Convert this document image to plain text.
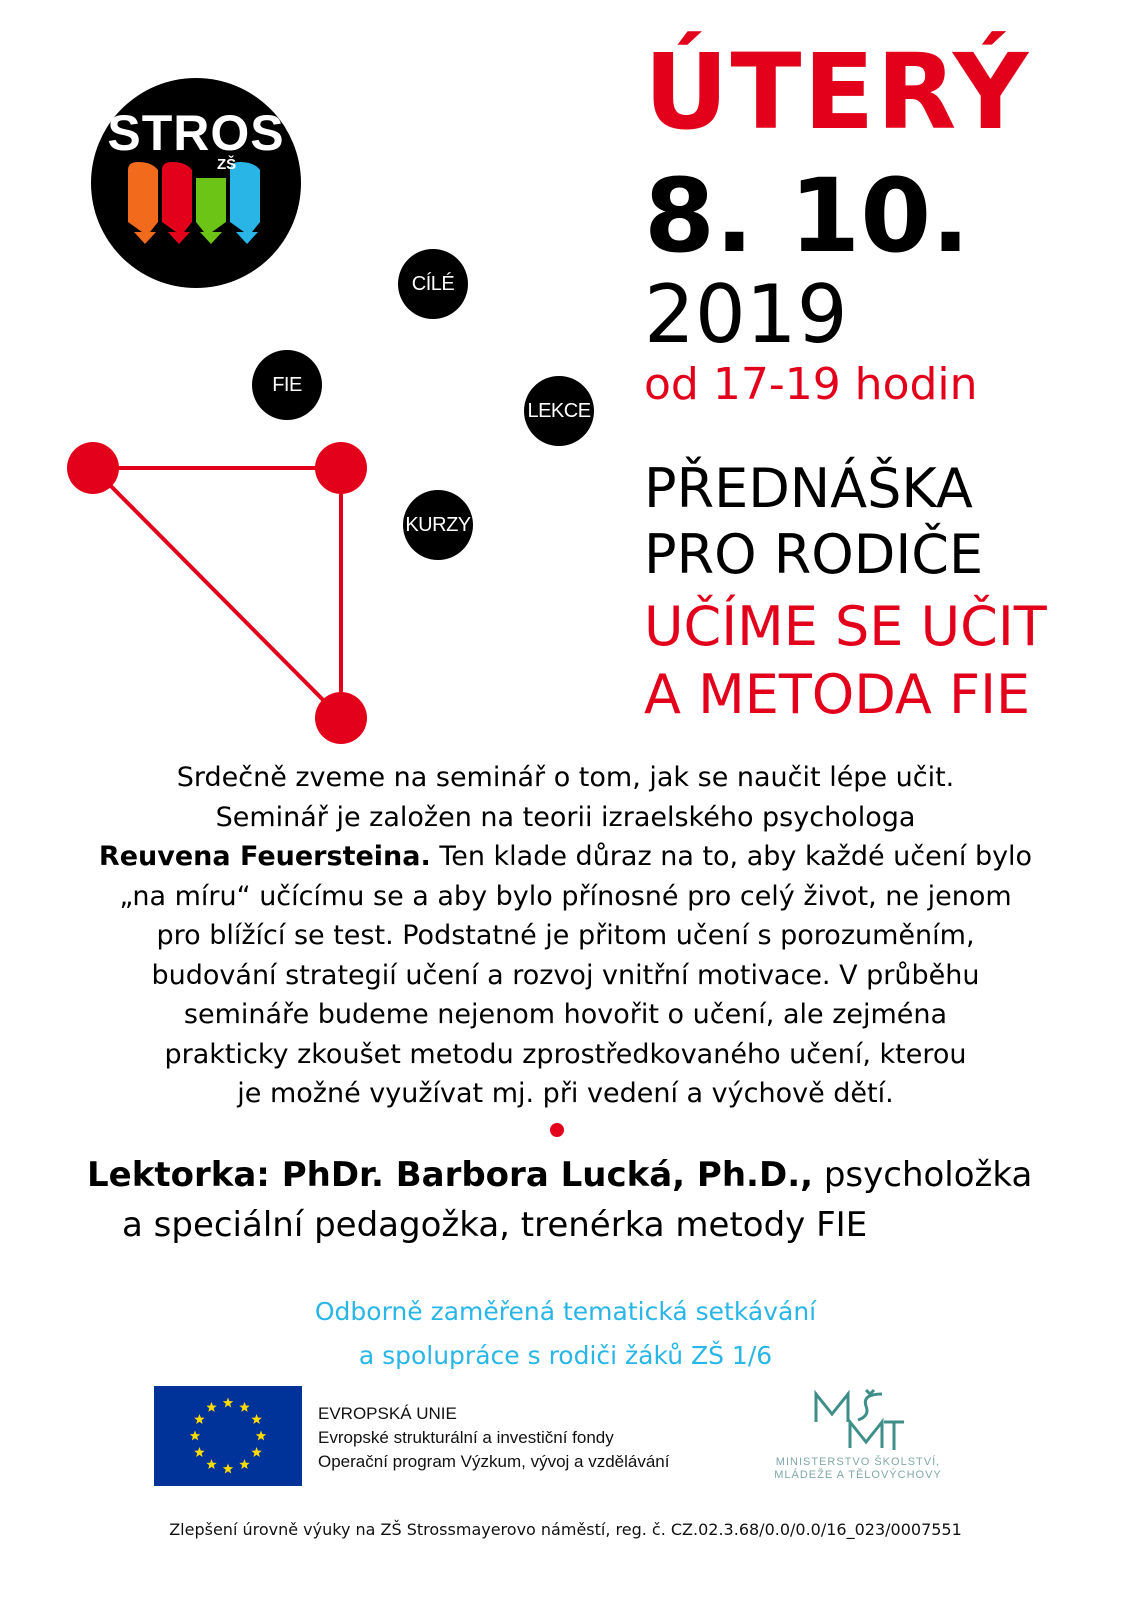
STROS
ZŠ
CÍLÉ
FIE
LEKCE
KURZY
ÚTERÝ
8. 10.
2019
od 17-19 hodin
PŘEDNÁŠKA
PRO RODIČE
UČÍME SE UČIT
A METODA FIE
Srdečně zveme na seminář o tom, jak se naučit lépe učit.
Seminář je založen na teorii izraelského psychologa
Reuvena Feuersteina. Ten klade důraz na to, aby každé učení bylo
„na míru“ učícímu se a aby bylo přínosné pro celý život, ne jenom
pro blížící se test. Podstatné je přitom učení s porozuměním,
budování strategií učení a rozvoj vnitřní motivace. V průběhu
semináře budeme nejenom hovořit o učení, ale zejména
prakticky zkoušet metodu zprostředkovaného učení, kterou
je možné využívat mj. při vedení a výchově dětí.
Lektorka: PhDr. Barbora Lucká, Ph.D., psycholožka
a speciální pedagožka, trenérka metody FIE
Odborně zaměřená tematická setkávání
a spolupráce s rodiči žáků ZŠ 1/6
EVROPSKÁ UNIE
Evropské strukturální a investiční fondy
Operační program Výzkum, vývoj a vzdělávání	MINISTERSTVO ŠKOLSTVÍ,
MLÁDEŽE A TĚLOVÝCHOVY
Zlepšení úrovně výuky na ZŠ Strossmayerovo náměstí, reg. č. CZ.02.3.68/0.0/0.0/16_023/0007551
